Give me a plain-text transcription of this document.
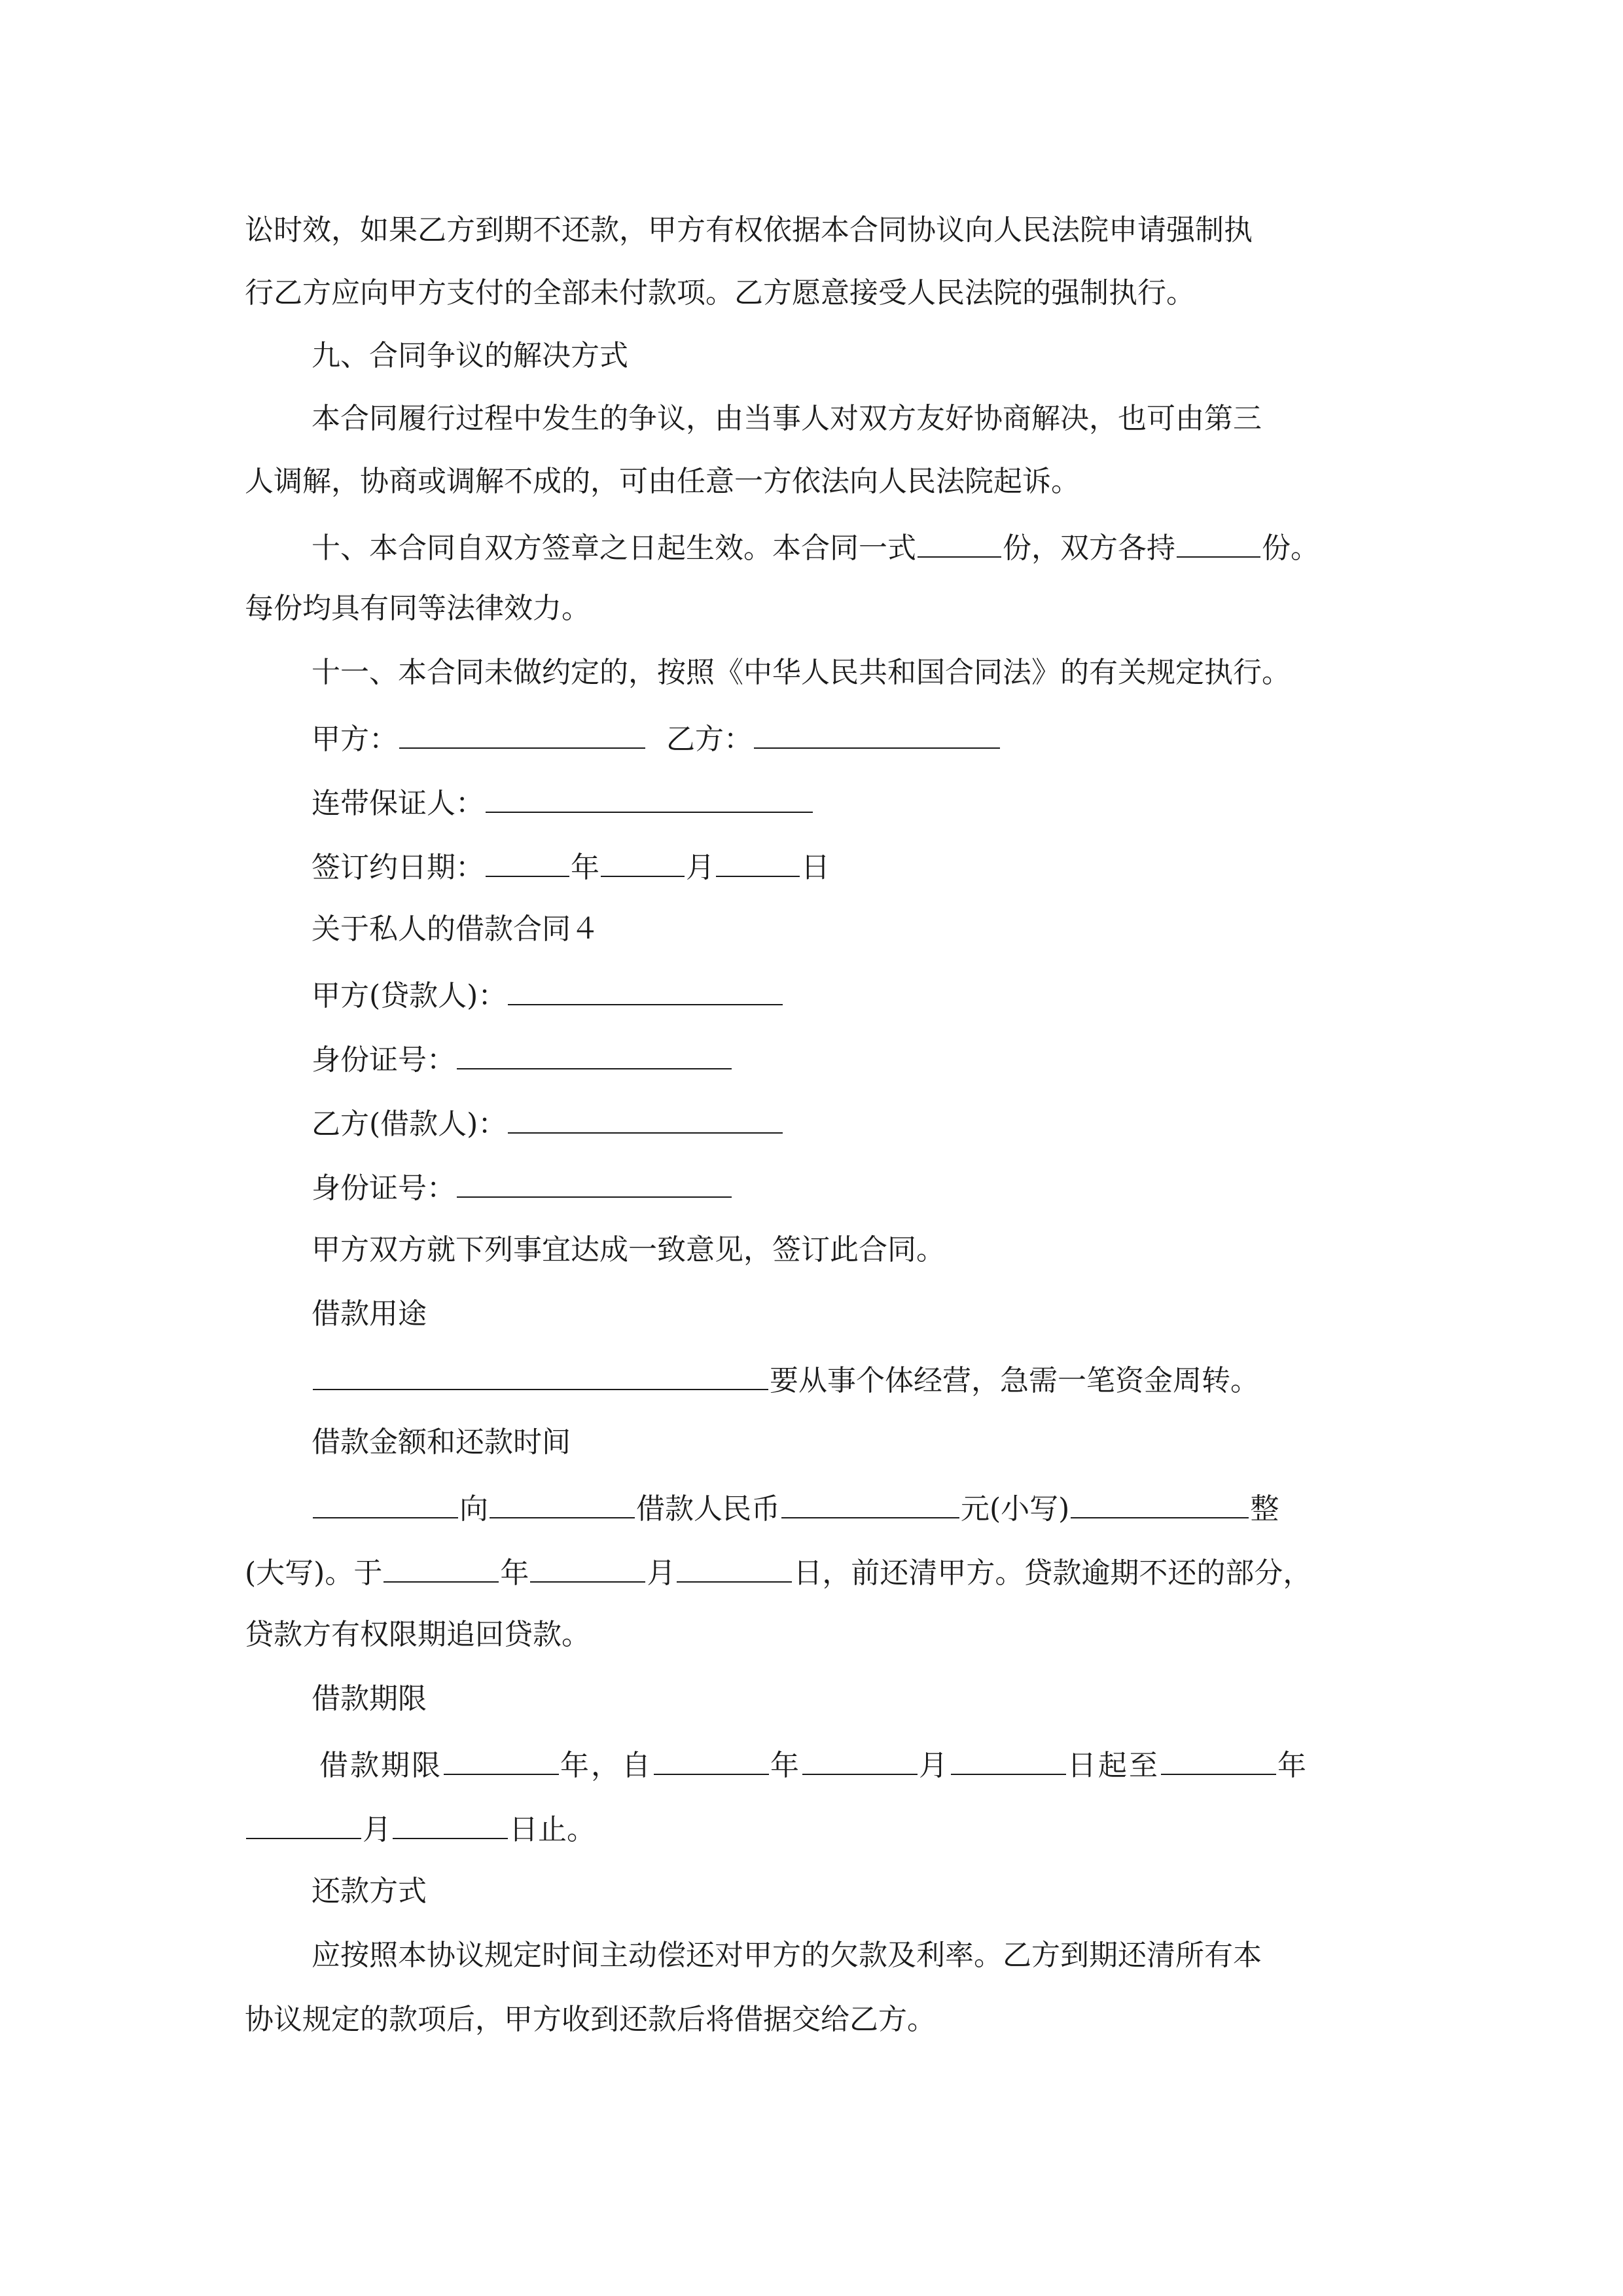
讼时效，如果乙方到期不还款，甲方有权依据本合同协议向人民法院申请强制执
行乙方应向甲方支付的全部未付款项。乙方愿意接受人民法院的强制执行。
九、合同争议的解决方式
本合同履行过程中发生的争议，由当事人对双方友好协商解决，也可由第三
人调解，协商或调解不成的，可由任意一方依法向人民法院起诉。
十、本合同自双方签章之日起生效。本合同一式	份，双方各持	份。
每份均具有同等法律效力。
十一、本合同未做约定的，按照《中华人民共和国合同法》的有关规定执行。
甲方：	乙方：
连带保证人：
签订约日期：	年	月	日
关于私人的借款合同４
甲方(贷款人)：
身份证号：
乙方(借款人)：
身份证号：
甲方双方就下列事宜达成一致意见，签订此合同。
借款用途
要从事个体经营，急需一笔资金周转。
借款金额和还款时间
向	借款人民币	元(小写)	整
(大写)。于	年	月	日，前还清甲方。贷款逾期不还的部分，
贷款方有权限期追回贷款。
借款期限
借款期限	年，自	年	月	日起至	年
月	日止。
还款方式
应按照本协议规定时间主动偿还对甲方的欠款及利率。乙方到期还清所有本
协议规定的款项后，甲方收到还款后将借据交给乙方。
